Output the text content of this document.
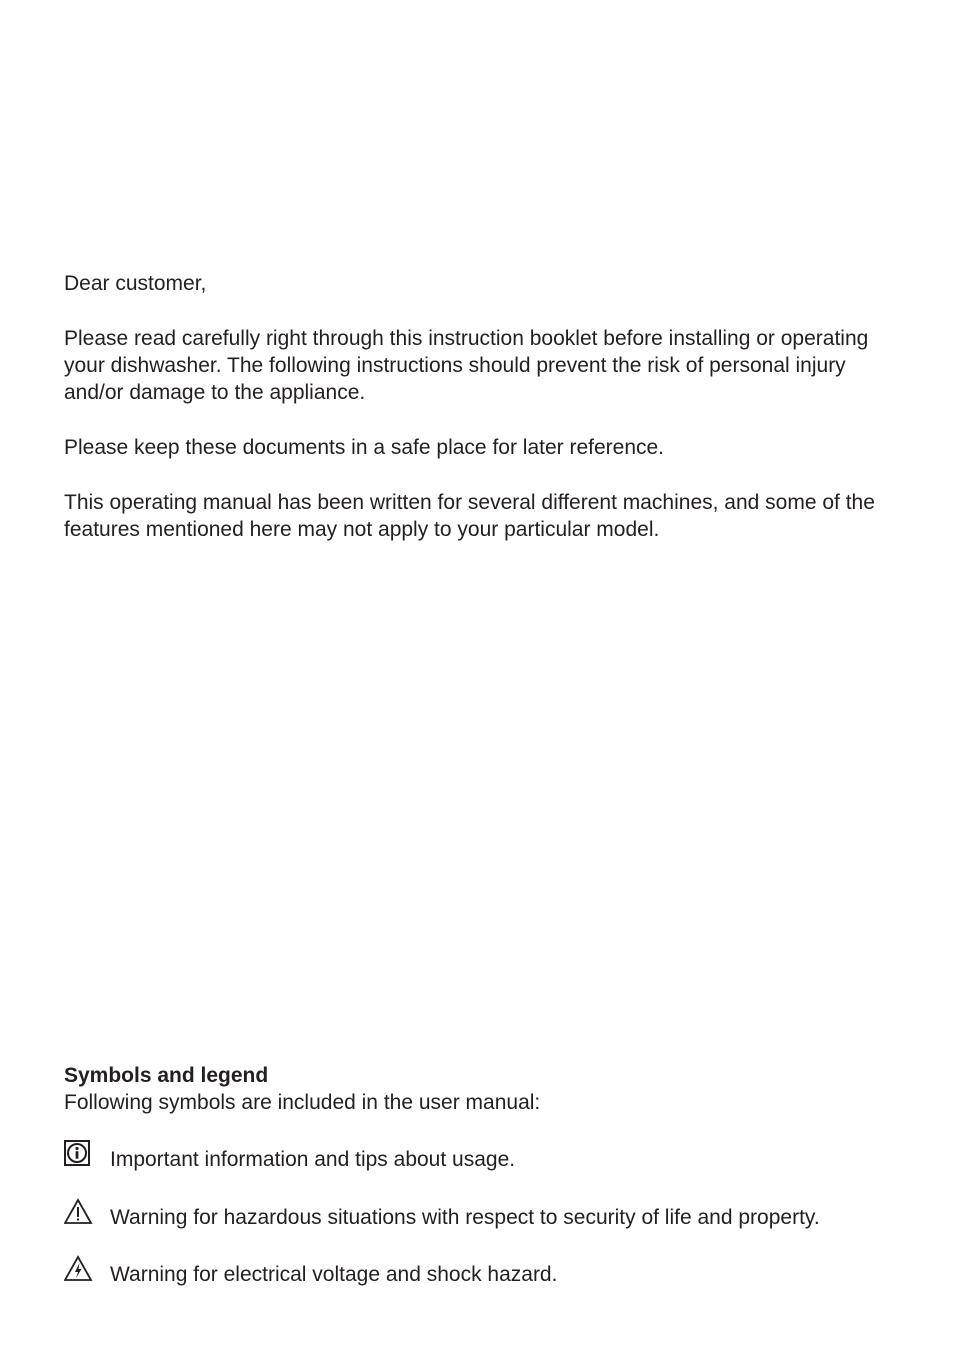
Dear customer,

Please read carefully right through this instruction booklet before installing or operating your dishwasher. The following instructions should prevent the risk of personal injury and/or damage to the appliance.

Please keep these documents in a safe place for later reference.

This operating manual has been written for several different machines, and some of the features mentioned here may not apply to your particular model.

Symbols and legend

Following symbols are included in the user manual:

Important information and tips about usage.
Warning for hazardous situations with respect to security of life and property.
Warning for electrical voltage and shock hazard.
